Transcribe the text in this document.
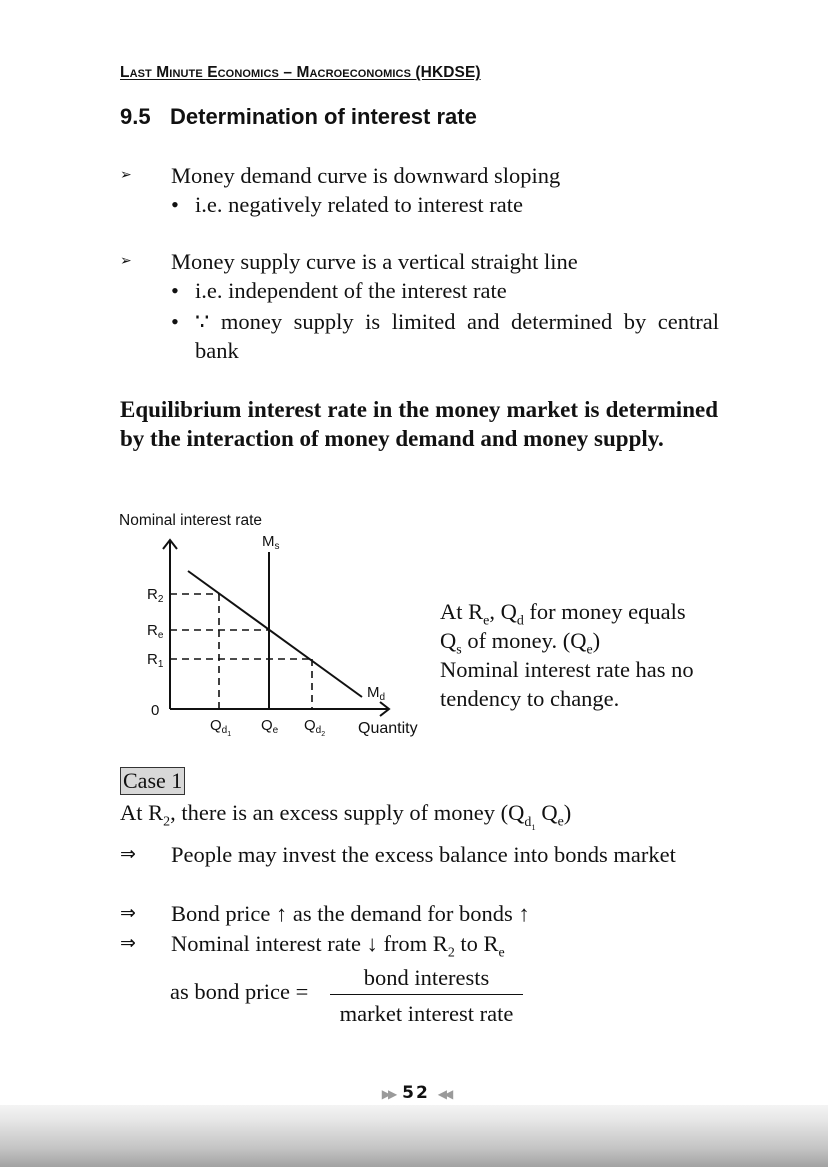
Last Minute Economics – Macroeconomics (HKDSE)
9.5 Determination of interest rate
➢ Money demand curve is downward sloping
• i.e. negatively related to interest rate
➢ Money supply curve is a vertical straight line
• i.e. independent of the interest rate
• ∵ money supply is limited and determined by central bank
Equilibrium interest rate in the money market is determined by the interaction of money demand and money supply.
Nominal interest rate
$M_s$
$M_d$
$R_2$
$R_e$
$R_1$
0
$Q_{d1}$
$Q_e$ $Q_{d2}$ Quantity
At $R_e$, $Q_d$ for money equals
$Q_s$ of money. $(Q_e)$
Nominal interest rate has no
tendency to change.
Case 1
At $R_2$, there is an excess supply of money ($Q_{d_1}$ $Q_e$)
⇒ People may invest the excess balance into bonds market
⇒ Bond price ↑ as the demand for bonds ↑
⇒ Nominal interest rate ↓ from $R_2$ to $R_e$
as bond price =
bond interests
market interest rate
▶▶ 52 ◀◀
